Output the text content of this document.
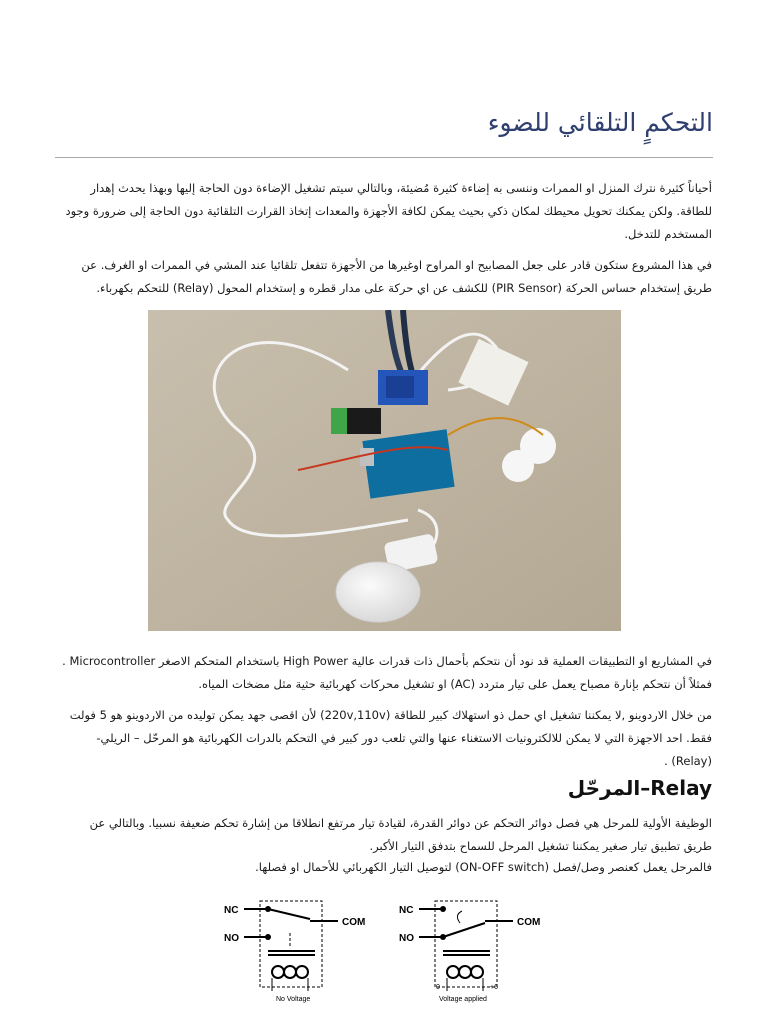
التحكمٍ التلقائي للضوء
أحياناً كثيرة نترك المنزل او الممرات وننسى به إضاءة كثيرة مُضيئة، وبالتالي سيتم تشغيل الإضاءة دون الحاجة إليها وبهذا يحدث إهدار للطاقة. ولكن يمكنك تحويل محيطك لمكان ذكي بحيث يمكن لكافة الأجهزة والمعدات إتخاذ القرارت التلقائية دون الحاجة إلى ضرورة وجود المستخدم للتدخل.
في هذا المشروع ستكون قادر على جعل المصابيح او المراوح اوغيرها من الأجهزة تتفعل تلقائيا عند المشي في الممرات او الغرف. عن طريق إستخدام حساس الحركة (PIR Sensor) للكشف عن اي حركة على مدار قطره و إستخدام المحول (Relay) للتحكم بكهرباء.
في المشاريع او التطبيقات العملية قد نود أن نتحكم بأحمال ذات قدرات عالية High Power باستخدام المتحكم الاصغر Microcontroller . فمثلاً أن نتحكم بإنارة مصباح يعمل على تيار متردد (AC) او تشغيل محركات كهربائية حثية مثل مضخات المياه.
من خلال الاردوينو ,لا يمكننا تشغيل اي حمل ذو استهلاك كبير للطاقة (220v,110v) لأن اقصى جهد يمكن توليده من الاردوينو هو 5 فولت فقط. احد الاجهزة التي لا يمكن للالكترونيات الاستغناء عنها والتي تلعب دور كبير في التحكم بالدرات الكهربائية هو المرحّل – الريلي-(Relay) .
Relay–المرحّل
الوظيفة الأولية للمرحل هي فصل دوائر التحكم عن دوائر القدرة، لقيادة تيار مرتفع انطلاقا من إشارة تحكم ضعيفة نسبيا. وبالتالي عن طريق تطبيق تيار صغير يمكننا تشغيل المرحل للسماح بتدفق التيار الأكبر.
فالمرحل يعمل كعنصر وصل/فصل (ON-OFF switch) لتوصيل التيار الكهربائي للأحمال او فصلها.
NC
NO
COM
No Voltage
NC
NO
COM
0	+6
Voltage applied
